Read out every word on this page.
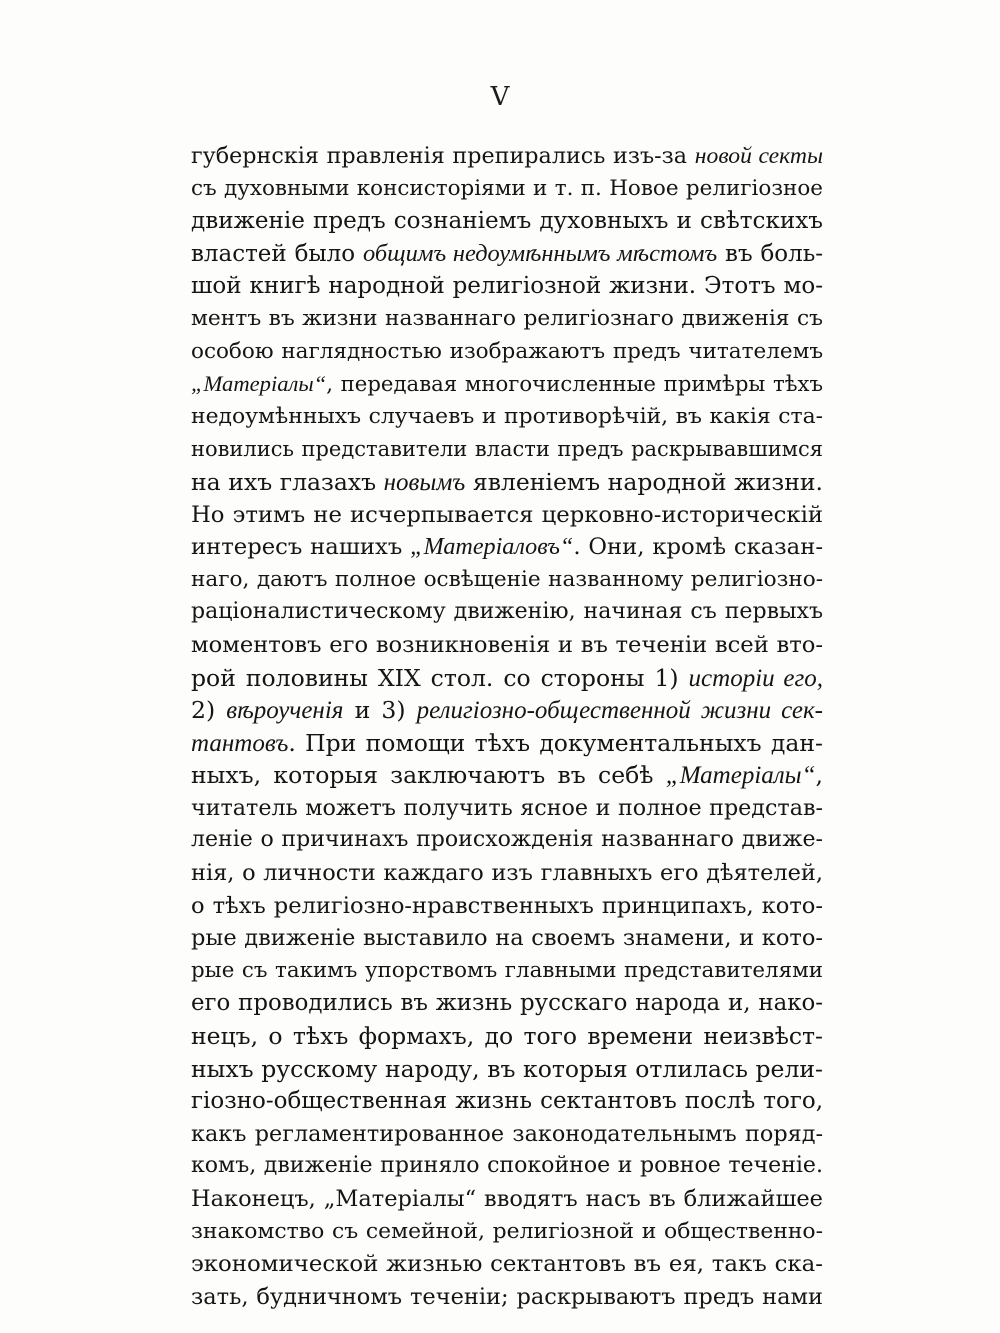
V
губернскія правленія препирались изъ-за новой секты
съ духовными консисторіями и т. п. Новое религіозное
движеніе предъ сознаніемъ духовныхъ и свѣтскихъ
властей было общимъ недоумѣннымъ мѣстомъ въ боль-
шой книгѣ народной религіозной жизни. Этотъ мо-
ментъ въ жизни названнаго религіознаго движенія съ
особою наглядностью изображаютъ предъ читателемъ
„Матеріалы“, передавая многочисленные примѣры тѣхъ
недоумѣнныхъ случаевъ и противорѣчій, въ какія ста-
новились представители власти предъ раскрывавшимся
на ихъ глазахъ новымъ явленіемъ народной жизни.
Но этимъ не исчерпывается церковно-историческій
интересъ нашихъ „Матеріаловъ“. Они, кромѣ сказан-
наго, даютъ полное освѣщеніе названному религіозно-
раціоналистическому движенію, начиная съ первыхъ
моментовъ его возникновенія и въ теченіи всей вто-
рой половины XIX стол. со стороны 1) исторіи его,
2) вѣроученія и 3) религіозно-общественной жизни сек-
тантовъ. При помощи тѣхъ документальныхъ дан-
ныхъ, которыя заключаютъ въ себѣ „Матеріалы“,
читатель можетъ получить ясное и полное представ-
леніе о причинахъ происхожденія названнаго движе-
нія, о личности каждаго изъ главныхъ его дѣятелей,
о тѣхъ религіозно-нравственныхъ принципахъ, кото-
рые движеніе выставило на своемъ знамени, и кото-
рые съ такимъ упорствомъ главными представителями
его проводились въ жизнь русскаго народа и, нако-
нецъ, о тѣхъ формахъ, до того времени неизвѣст-
ныхъ русскому народу, въ которыя отлилась рели-
гіозно-общественная жизнь сектантовъ послѣ того,
какъ регламентированное законодательнымъ поряд-
комъ, движеніе приняло спокойное и ровное теченіе.
Наконецъ, „Матеріалы“ вводятъ насъ въ ближайшее
знакомство съ семейной, религіозной и общественно-
экономической жизнью сектантовъ въ ея, такъ ска-
зать, будничномъ теченіи; раскрываютъ предъ нами
